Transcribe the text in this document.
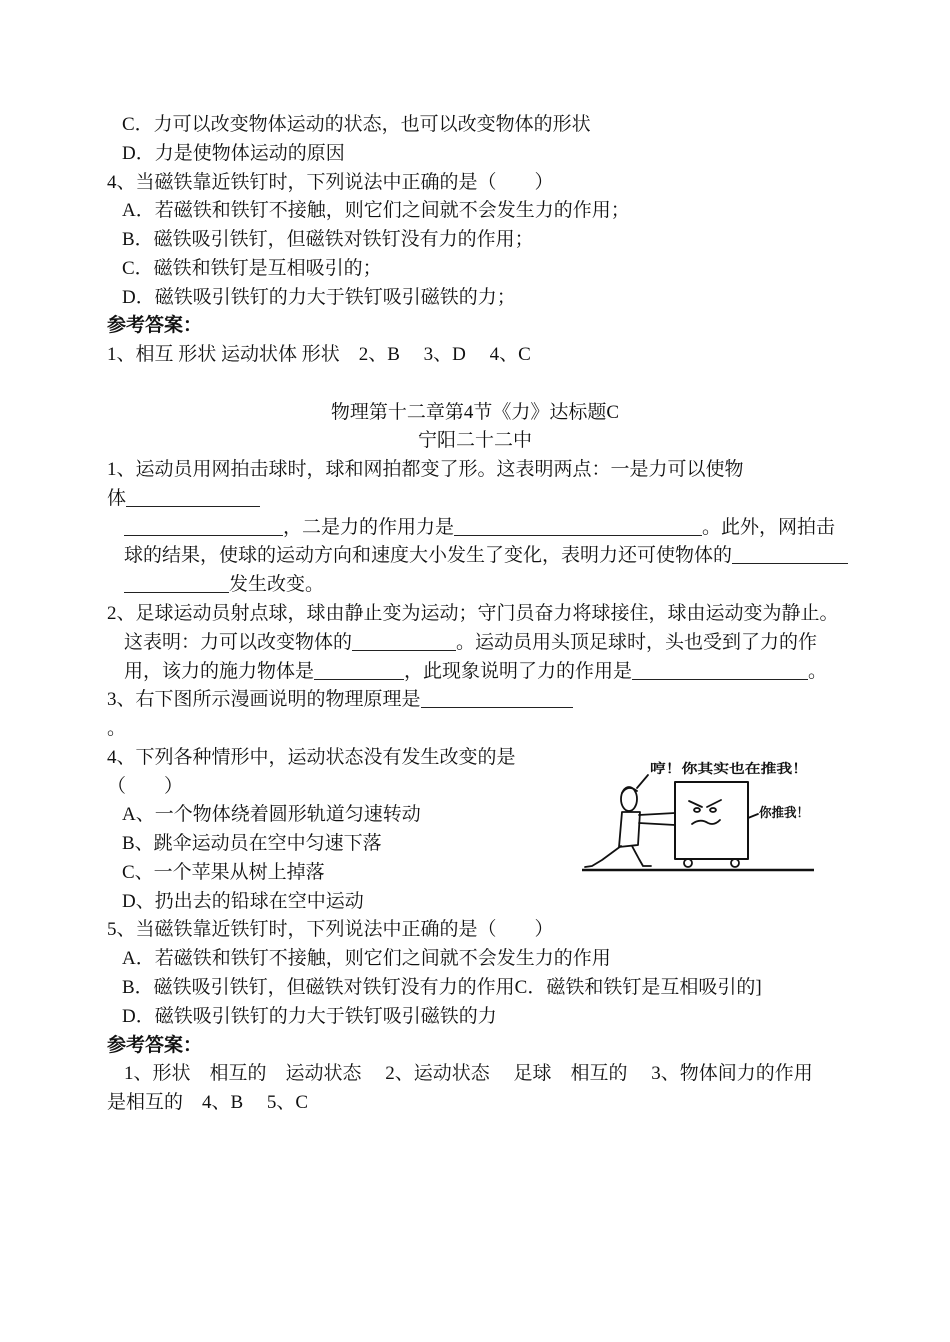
C．力可以改变物体运动的状态，也可以改变物体的形状
D．力是使物体运动的原因
4、当磁铁靠近铁钉时，下列说法中正确的是（　　）
A．若磁铁和铁钉不接触，则它们之间就不会发生力的作用；
B．磁铁吸引铁钉，但磁铁对铁钉没有力的作用；
C．磁铁和铁钉是互相吸引的；
D．磁铁吸引铁钉的力大于铁钉吸引磁铁的力；
参考答案：
1、相互 形状 运动状体 形状　2、B　 3、D　 4、C
物理第十二章第4节《力》达标题C
宁阳二十二中
1、运动员用网拍击球时，球和网拍都变了形。这表明两点：一是力可以使物
体
，二是力的作用力是	。此外，网拍击
球的结果，使球的运动方向和速度大小发生了变化，表明力还可使物体的
发生改变。
2、足球运动员射点球，球由静止变为运动；守门员奋力将球接住，球由运动变为静止。
这表明：力可以改变物体的	。运动员用头顶足球时，头也受到了力的作
用，该力的施力物体是	，此现象说明了力的作用是	。
3、右下图所示漫画说明的物理原理是
。
4、下列各种情形中，运动状态没有发生改变的是
（　　）
A、一个物体绕着圆形轨道匀速转动
B、跳伞运动员在空中匀速下落
C、一个苹果从树上掉落
D、扔出去的铅球在空中运动
5、当磁铁靠近铁钉时，下列说法中正确的是（　　）
A．若磁铁和铁钉不接触，则它们之间就不会发生力的作用
B．磁铁吸引铁钉，但磁铁对铁钉没有力的作用C．磁铁和铁钉是互相吸引的]
D．磁铁吸引铁钉的力大于铁钉吸引磁铁的力
参考答案：
1、形状　相互的　运动状态　 2、运动状态　 足球　相互的　 3、物体间力的作用
是相互的　4、B　 5、C
哼！你其实也在推我！
你推我！
